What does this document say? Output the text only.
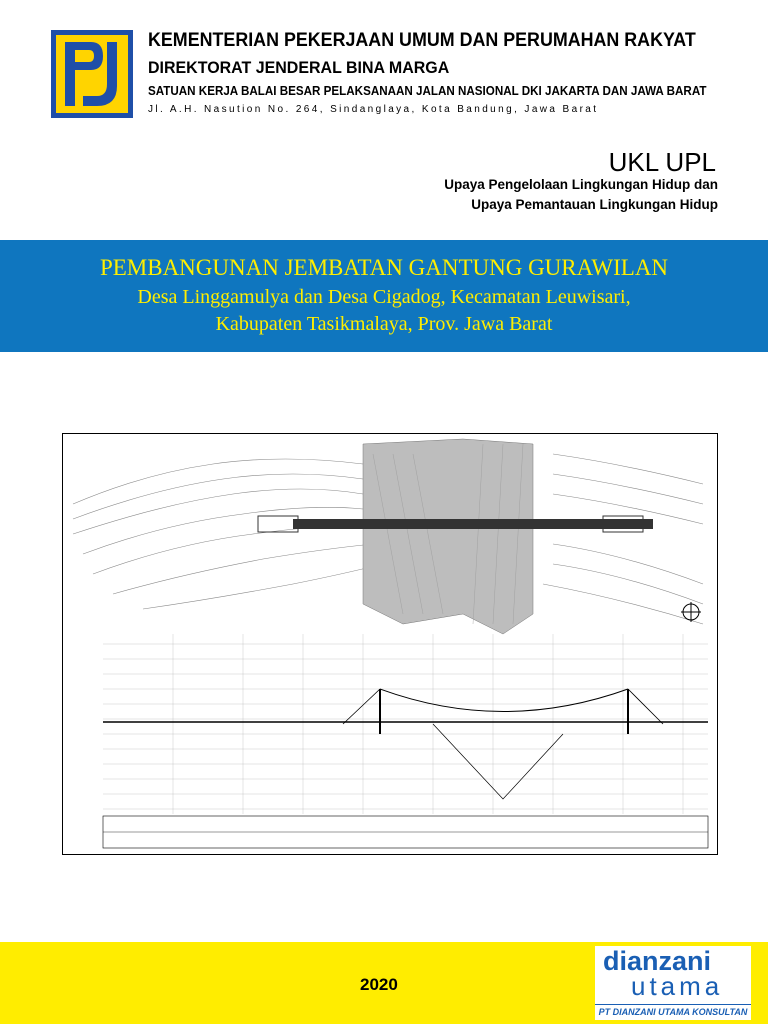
KEMENTERIAN PEKERJAAN UMUM DAN PERUMAHAN RAKYAT
DIREKTORAT JENDERAL BINA MARGA
SATUAN KERJA BALAI BESAR PELAKSANAAN JALAN NASIONAL DKI JAKARTA DAN JAWA BARAT
Jl. A.H. Nasution No. 264, Sindanglaya, Kota Bandung, Jawa Barat
UKL UPL
Upaya Pengelolaan Lingkungan Hidup dan
Upaya Pemantauan Lingkungan Hidup
PEMBANGUNAN JEMBATAN GANTUNG GURAWILAN
Desa Linggamulya dan Desa Cigadog, Kecamatan Leuwisari,
Kabupaten Tasikmalaya, Prov. Jawa Barat
2020
dianzani
utama
PT DIANZANI UTAMA KONSULTAN
